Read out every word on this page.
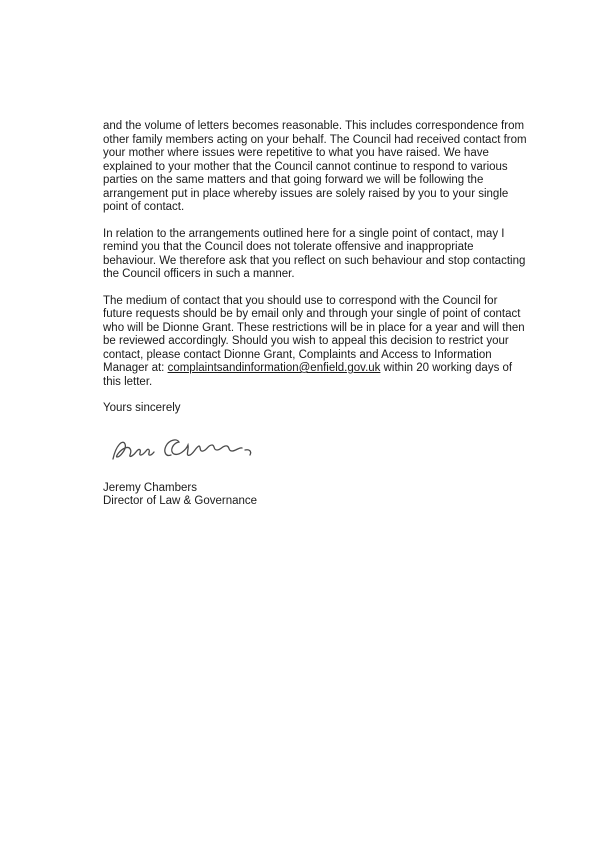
and the volume of letters becomes reasonable. This includes correspondence from other family members acting on your behalf. The Council had received contact from your mother where issues were repetitive to what you have raised. We have explained to your mother that the Council cannot continue to respond to various parties on the same matters and that going forward we will be following the arrangement put in place whereby issues are solely raised by you to your single point of contact.

In relation to the arrangements outlined here for a single point of contact, may I remind you that the Council does not tolerate offensive and inappropriate behaviour. We therefore ask that you reflect on such behaviour and stop contacting the Council officers in such a manner.

The medium of contact that you should use to correspond with the Council for future requests should be by email only and through your single of point of contact who will be Dionne Grant. These restrictions will be in place for a year and will then be reviewed accordingly. Should you wish to appeal this decision to restrict your contact, please contact Dionne Grant, Complaints and Access to Information Manager at: complaintsandinformation@enfield.gov.uk within 20 working days of this letter.

Yours sincerely

Jeremy Chambers

Director of Law & Governance
